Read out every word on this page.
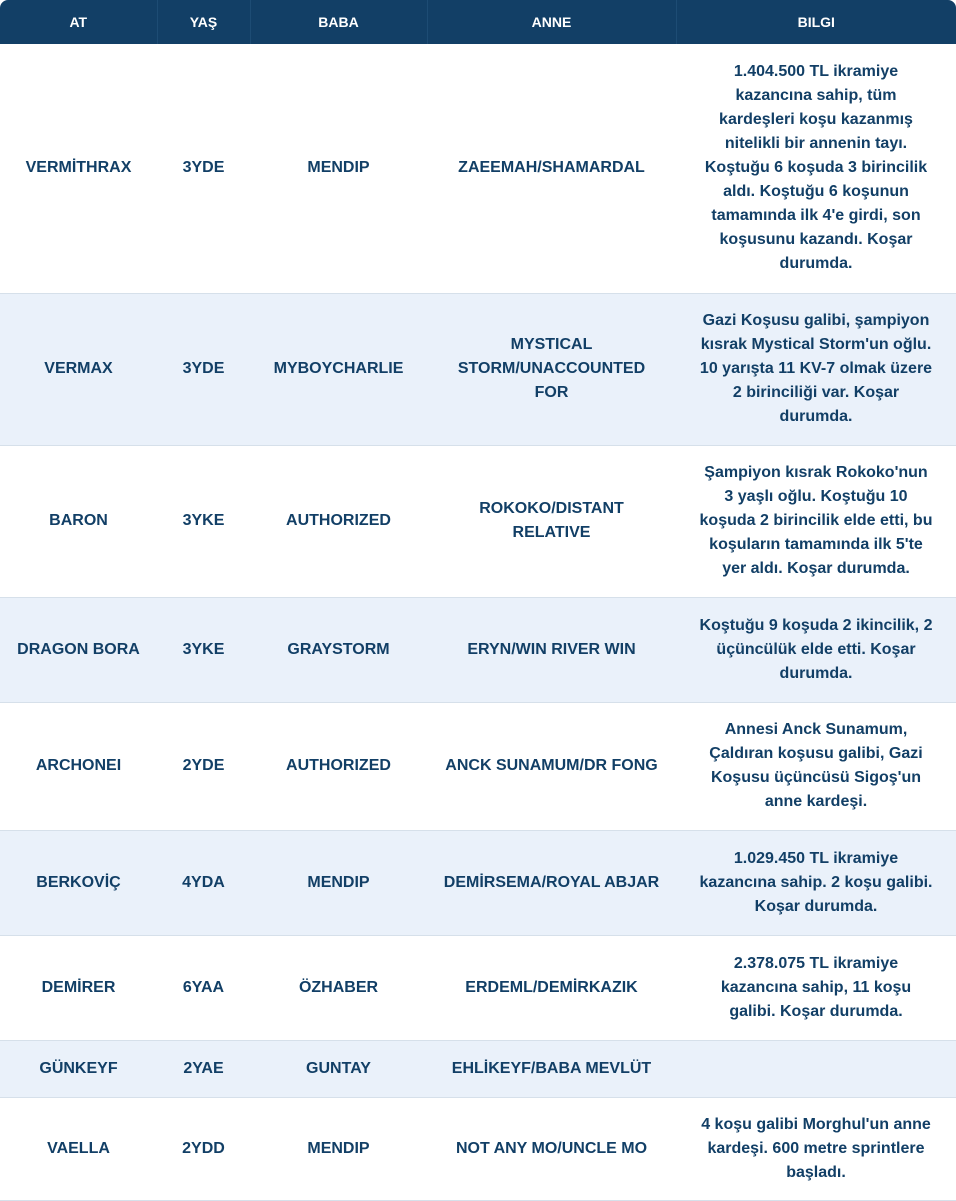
AT	YAŞ	BABA	ANNE	BILGI
VERMİTHRAX	3YDE	MENDIP	ZAEEMAH/SHAMARDAL	1.404.500 TL ikramiye kazancına sahip, tüm kardeşleri koşu kazanmış nitelikli bir annenin tayı. Koştuğu 6 koşuda 3 birincilik aldı. Koştuğu 6 koşunun tamamında ilk 4'e girdi, son koşusunu kazandı. Koşar durumda.
VERMAX	3YDE	MYBOYCHARLIE	MYSTICAL STORM/UNACCOUNTED FOR	Gazi Koşusu galibi, şampiyon kısrak Mystical Storm'un oğlu. 10 yarışta 11 KV-7 olmak üzere 2 birinciliği var. Koşar durumda.
BARON	3YKE	AUTHORIZED	ROKOKO/DISTANT RELATIVE	Şampiyon kısrak Rokoko'nun 3 yaşlı oğlu. Koştuğu 10 koşuda 2 birincilik elde etti, bu koşuların tamamında ilk 5'te yer aldı. Koşar durumda.
DRAGON BORA	3YKE	GRAYSTORM	ERYN/WIN RIVER WIN	Koştuğu 9 koşuda 2 ikincilik, 2 üçüncülük elde etti. Koşar durumda.
ARCHONEI	2YDE	AUTHORIZED	ANCK SUNAMUM/DR FONG	Annesi Anck Sunamum, Çaldıran koşusu galibi, Gazi Koşusu üçüncüsü Sigoş'un anne kardeşi.
BERKOVİÇ	4YDA	MENDIP	DEMİRSEMA/ROYAL ABJAR	1.029.450 TL ikramiye kazancına sahip. 2 koşu galibi. Koşar durumda.
DEMİRER	6YAA	ÖZHABER	ERDEML/DEMİRKAZIK	2.378.075 TL ikramiye kazancına sahip, 11 koşu galibi. Koşar durumda.
GÜNKEYF	2YAE	GUNTAY	EHLİKEYF/BABA MEVLÜT	
VAELLA	2YDD	MENDIP	NOT ANY MO/UNCLE MO	4 koşu galibi Morghul'un anne kardeşi. 600 metre sprintlere başladı.
